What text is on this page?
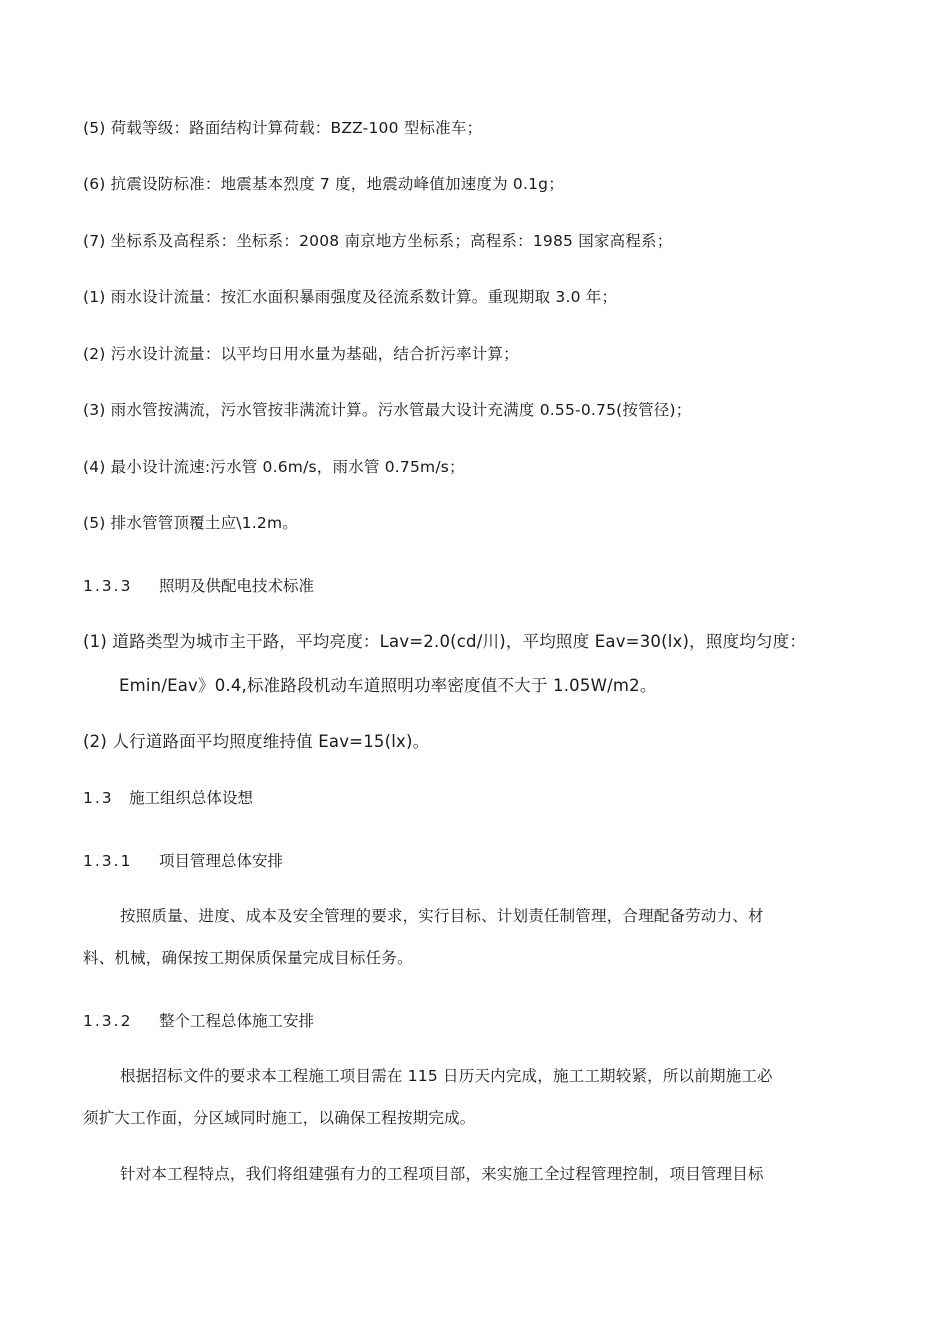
(5) 荷载等级：路面结构计算荷载：BZZ-100 型标准车；
(6) 抗震设防标准：地震基本烈度 7 度，地震动峰值加速度为 0.1g；
(7) 坐标系及高程系：坐标系：2008 南京地方坐标系；高程系：1985 国家高程系；
(1) 雨水设计流量：按汇水面积暴雨强度及径流系数计算。重现期取 3.0 年；
(2) 污水设计流量：以平均日用水量为基础，结合折污率计算；
(3) 雨水管按满流，污水管按非满流计算。污水管最大设计充满度 0.55-0.75(按管径)；
(4) 最小设计流速:污水管 0.6m/s，雨水管 0.75m/s；
(5) 排水管管顶覆土应\1.2m。
1.3.3 照明及供配电技术标准
(1) 道路类型为城市主干路，平均亮度：Lav=2.0(cd/川)，平均照度 Eav=30(lx)，照度均匀度：
Emin/Eav》0.4,标准路段机动车道照明功率密度值不大于 1.05W/m2。
(2) 人行道路面平均照度维持值 Eav=15(lx)。
1.3 施工组织总体设想
1.3.1 项目管理总体安排
按照质量、进度、成本及安全管理的要求，实行目标、计划责任制管理，合理配备劳动力、材
料、机械，确保按工期保质保量完成目标任务。
1.3.2 整个工程总体施工安排
根据招标文件的要求本工程施工项目需在 115 日历天内完成，施工工期较紧，所以前期施工必
须扩大工作面，分区域同时施工，以确保工程按期完成。
针对本工程特点，我们将组建强有力的工程项目部，来实施工全过程管理控制，项目管理目标
